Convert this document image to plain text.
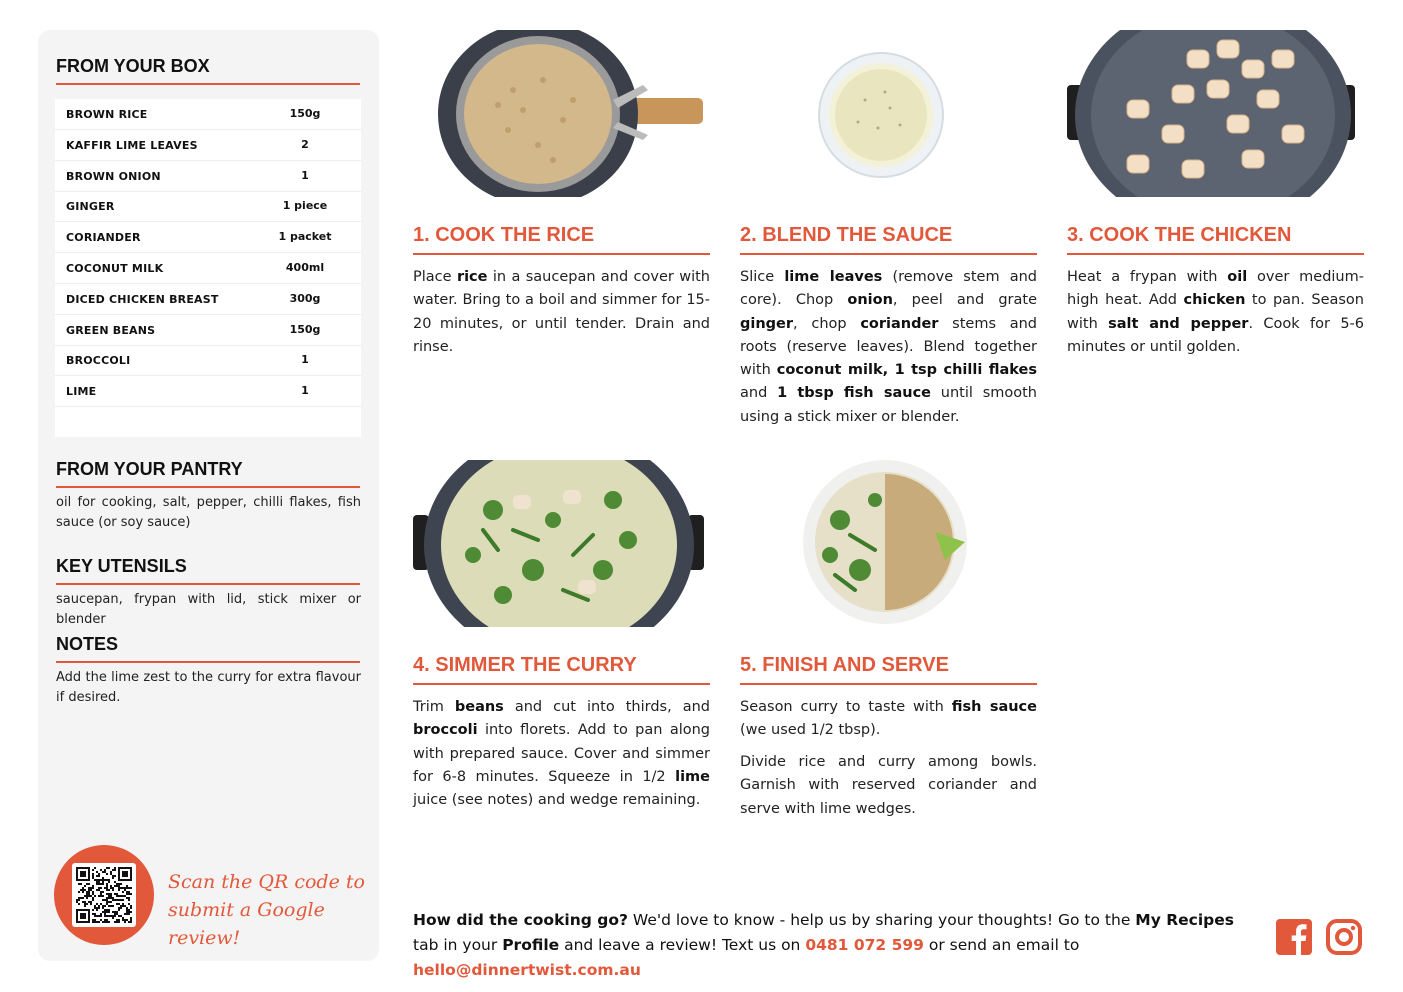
FROM YOUR BOX
BROWN RICE	150g
KAFFIR LIME LEAVES	2
BROWN ONION	1
GINGER	1 piece
CORIANDER	1 packet
COCONUT MILK	400ml
DICED CHICKEN BREAST	300g
GREEN BEANS	150g
BROCCOLI	1
LIME	1
FROM YOUR PANTRY
oil for cooking, salt, pepper, chilli flakes, fish sauce (or soy sauce)
KEY UTENSILS
saucepan, frypan with lid, stick mixer or blender
NOTES
Add the lime zest to the curry for extra flavour if desired.
Scan the QR code to
submit a Google review!
1. COOK THE RICE
Place rice in a saucepan and cover with water. Bring to a boil and simmer for 15-20 minutes, or until tender. Drain and rinse.
2. BLEND THE SAUCE
Slice lime leaves (remove stem and core). Chop onion, peel and grate ginger, chop coriander stems and roots (reserve leaves). Blend together with coconut milk, 1 tsp chilli flakes and 1 tbsp fish sauce until smooth using a stick mixer or blender.
3. COOK THE CHICKEN
Heat a frypan with oil over medium-high heat. Add chicken to pan. Season with salt and pepper. Cook for 5-6 minutes or until golden.
4. SIMMER THE CURRY
Trim beans and cut into thirds, and broccoli into florets. Add to pan along with prepared sauce. Cover and simmer for 6-8 minutes. Squeeze in 1/2 lime juice (see notes) and wedge remaining.
5. FINISH AND SERVE
Season curry to taste with fish sauce (we used 1/2 tbsp).
Divide rice and curry among bowls. Garnish with reserved coriander and serve with lime wedges.
How did the cooking go? We'd love to know - help us by sharing your thoughts! Go to the My Recipes tab in your Profile and leave a review! Text us on 0481 072 599 or send an email to hello@dinnertwist.com.au
